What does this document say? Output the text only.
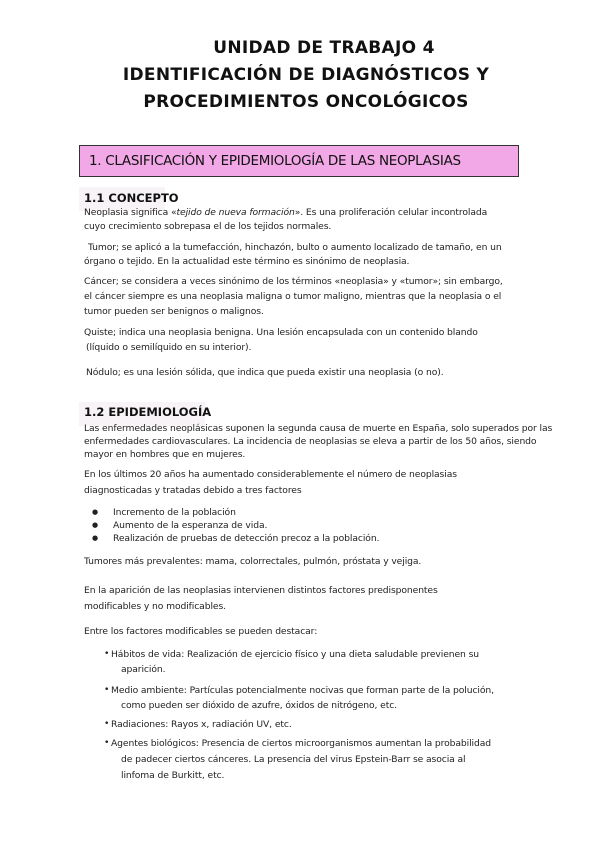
UNIDAD DE TRABAJO 4
IDENTIFICACIÓN DE DIAGNÓSTICOS Y
PROCEDIMIENTOS ONCOLÓGICOS
1. CLASIFICACIÓN Y EPIDEMIOLOGÍA DE LAS NEOPLASIAS
1.1 CONCEPTO
Neoplasia significa «tejido de nueva formación». Es una proliferación celular incontrolada
cuyo crecimiento sobrepasa el de los tejidos normales.
Tumor; se aplicó a la tumefacción, hinchazón, bulto o aumento localizado de tamaño, en un
órgano o tejido. En la actualidad este término es sinónimo de neoplasia.
Cáncer; se considera a veces sinónimo de los términos «neoplasia» y «tumor»; sin embargo,
el cáncer siempre es una neoplasia maligna o tumor maligno, mientras que la neoplasia o el
tumor pueden ser benignos o malignos.
Quiste; indica una neoplasia benigna. Una lesión encapsulada con un contenido blando
(líquido o semilíquido en su interior).
Nódulo; es una lesión sólida, que indica que pueda existir una neoplasia (o no).
1.2 EPIDEMIOLOGÍA
Las enfermedades neoplásicas suponen la segunda causa de muerte en España, solo superados por las
enfermedades cardiovasculares. La incidencia de neoplasias se eleva a partir de los 50 años, siendo
mayor en hombres que en mujeres.
En los últimos 20 años ha aumentado considerablemente el número de neoplasias
diagnosticadas y tratadas debido a tres factores
● Incremento de la población
● Aumento de la esperanza de vida.
● Realización de pruebas de detección precoz a la población.
Tumores más prevalentes: mama, colorrectales, pulmón, próstata y vejiga.
En la aparición de las neoplasias intervienen distintos factores predisponentes
modificables y no modificables.
Entre los factores modificables se pueden destacar:
• Hábitos de vida: Realización de ejercicio físico y una dieta saludable previenen su
aparición.
• Medio ambiente: Partículas potencialmente nocivas que forman parte de la polución,
como pueden ser dióxido de azufre, óxidos de nitrógeno, etc.
• Radiaciones: Rayos x, radiación UV, etc.
• Agentes biológicos: Presencia de ciertos microorganismos aumentan la probabilidad
de padecer ciertos cánceres. La presencia del virus Epstein-Barr se asocia al
linfoma de Burkitt, etc.
